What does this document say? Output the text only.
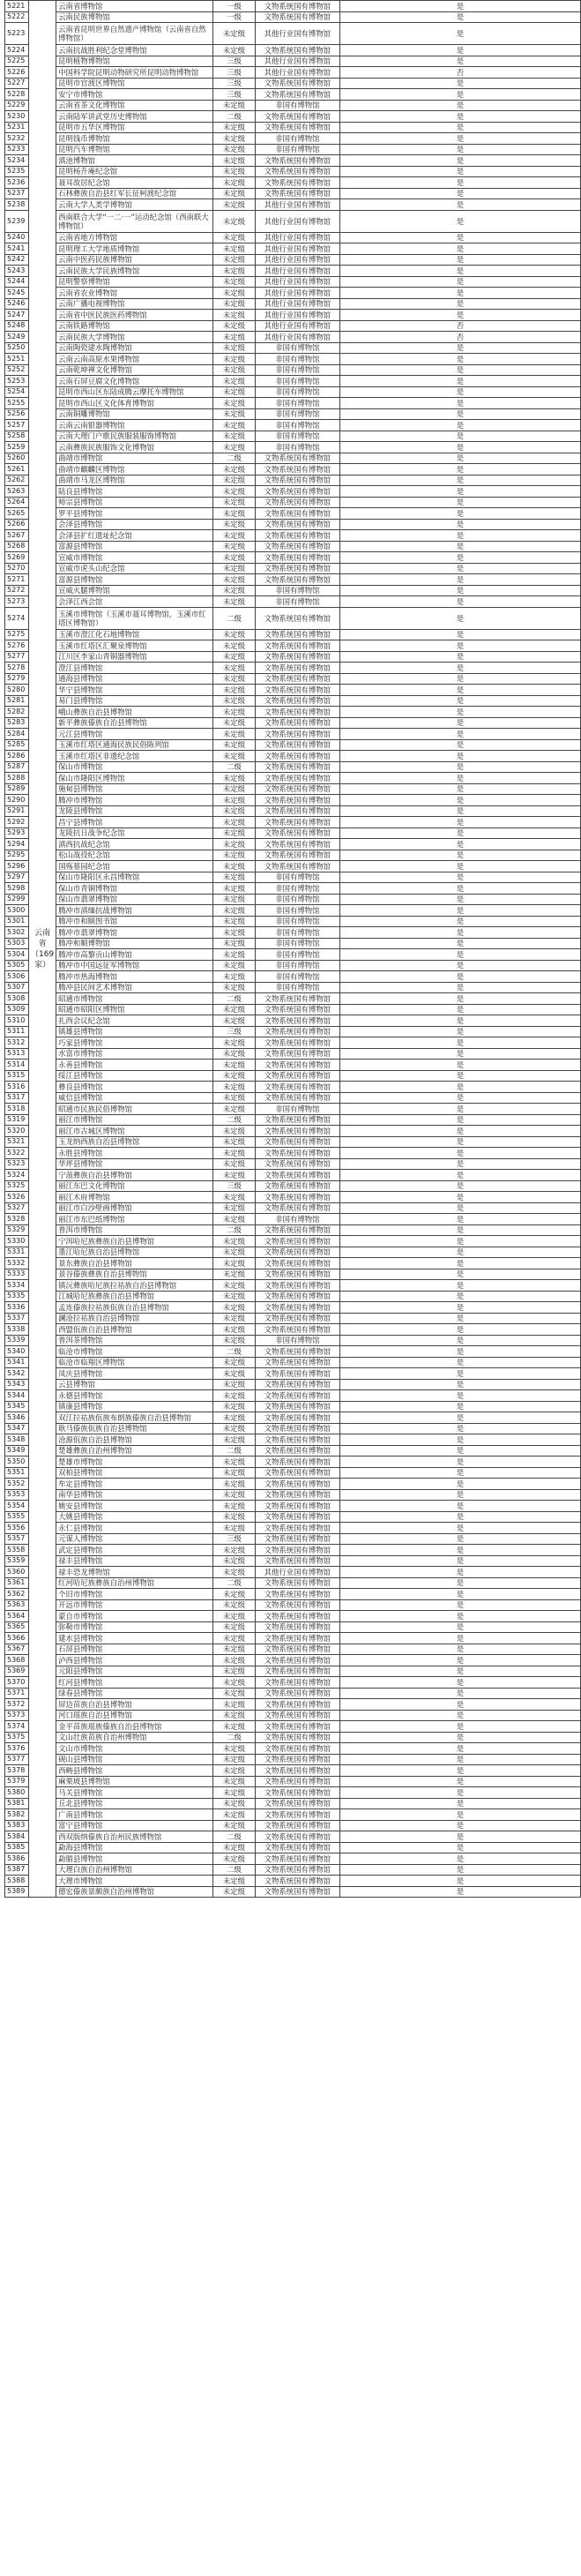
5221	云南省（169家）	云南省博物馆	一级	文物系统国有博物馆	是
5222		云南民族博物馆	一级	文物系统国有博物馆	是
5223		云南省昆明世界自然遗产博物馆（云南省自然博物馆）	未定级	其他行业国有博物馆	是
5224		云南抗战胜利纪念堂博物馆	未定级	文物系统国有博物馆	是
5225		昆明植物博物馆	三级	其他行业国有博物馆	是
5226		中国科学院昆明动物研究所昆明动物博物馆	三级	其他行业国有博物馆	否
5227		昆明市官渡区博物馆	三级	文物系统国有博物馆	是
5228		安宁市博物馆	三级	文物系统国有博物馆	是
5229		云南省茶文化博物馆	未定级	非国有博物馆	是
5230		云南陆军讲武堂历史博物馆	二级	文物系统国有博物馆	是
5231		昆明市五华区博物馆	未定级	文物系统国有博物馆	是
5232		昆明钱币博物馆	未定级	非国有博物馆	是
5233		昆明汽车博物馆	未定级	非国有博物馆	是
5234		滇池博物馆	未定级	文物系统国有博物馆	是
5235		昆明杨升庵纪念馆	未定级	文物系统国有博物馆	是
5236		聂耳故居纪念馆	未定级	文物系统国有博物馆	是
5237		石林彝族自治县红军长征柯渡纪念馆	未定级	文物系统国有博物馆	是
5238		云南大学人类学博物馆	未定级	其他行业国有博物馆	是
5239		西南联合大学“一二·一”运动纪念馆（西南联大博物馆）	未定级	其他行业国有博物馆	是
5240		云南省地方博物馆	未定级	其他行业国有博物馆	是
5241		昆明理工大学地质博物馆	未定级	其他行业国有博物馆	是
5242		云南中医药民族博物馆	未定级	其他行业国有博物馆	是
5243		云南民族大学民族博物馆	未定级	其他行业国有博物馆	是
5244		昆明警察博物馆	未定级	其他行业国有博物馆	是
5245		云南省农业博物馆	未定级	其他行业国有博物馆	是
5246		云南广播电视博物馆	未定级	其他行业国有博物馆	是
5247		云南省中医民族医药博物馆	未定级	其他行业国有博物馆	是
5248		云南铁路博物馆	未定级	其他行业国有博物馆	否
5249		云南民族大学博物馆	未定级	其他行业国有博物馆	否
5250		云南陶瓷建水陶博物馆	未定级	非国有博物馆	是
5251		云南云南高原水果博物馆	未定级	非国有博物馆	是
5252		云南乾坤禅文化博物馆	未定级	非国有博物馆	是
5253		云南石屏豆腐文化博物馆	未定级	非国有博物馆	是
5254		昆明市西山区东陆成腾云摩托车博物馆	未定级	非国有博物馆	是
5255		昆明市西山区文化体育博物馆	未定级	非国有博物馆	是
5256		云南铜雕博物馆	未定级	非国有博物馆	是
5257		云南云南银器博物馆	未定级	非国有博物馆	是
5258		云南大理门户歌民族服装服饰博物馆	未定级	非国有博物馆	是
5259		云南彝族民族服饰文化博物馆	未定级	非国有博物馆	是
5260		曲靖市博物馆	二级	文物系统国有博物馆	是
5261		曲靖市麒麟区博物馆	未定级	文物系统国有博物馆	是
5262		曲靖市马龙区博物馆	未定级	文物系统国有博物馆	是
5263		陆良县博物馆	未定级	文物系统国有博物馆	是
5264		师宗县博物馆	未定级	文物系统国有博物馆	是
5265		罗平县博物馆	未定级	文物系统国有博物馆	是
5266		会泽县博物馆	未定级	文物系统国有博物馆	是
5267		会泽县扩红遗址纪念馆	未定级	文物系统国有博物馆	是
5268		富源县博物馆	未定级	文物系统国有博物馆	是
5269		宣威市博物馆	未定级	文物系统国有博物馆	是
5270		宣威市虎头山纪念馆	未定级	文物系统国有博物馆	是
5271		富源县博物馆	未定级	文物系统国有博物馆	是
5272		宣威火腿博物馆	未定级	非国有博物馆	是
5273		会泽江西会馆	未定级	非国有博物馆	是
5274		玉溪市博物馆（玉溪市聂耳博物馆，玉溪市红塔区博物馆）	二级	文物系统国有博物馆	是
5275		玉溪市澄江化石地博物馆	未定级	文物系统国有博物馆	是
5276		玉溪市红塔区汇聚泉博物馆	未定级	文物系统国有博物馆	是
5277		江川区李家山青铜器博物馆	未定级	文物系统国有博物馆	是
5278		澄江县博物馆	未定级	文物系统国有博物馆	是
5279		通海县博物馆	未定级	文物系统国有博物馆	是
5280		华宁县博物馆	未定级	文物系统国有博物馆	是
5281		易门县博物馆	未定级	文物系统国有博物馆	是
5282		峨山彝族自治县博物馆	未定级	文物系统国有博物馆	是
5283		新平彝族傣族自治县博物馆	未定级	文物系统国有博物馆	是
5284		元江县博物馆	未定级	文物系统国有博物馆	是
5285		玉溪市红塔区通海民族民俗陈列馆	未定级	文物系统国有博物馆	是
5286		玉溪市红塔区非遗纪念馆	未定级	文物系统国有博物馆	是
5287		保山市博物馆	二级	文物系统国有博物馆	是
5288		保山市隆阳区博物馆	未定级	文物系统国有博物馆	是
5289		施甸县博物馆	未定级	文物系统国有博物馆	是
5290		腾冲市博物馆	未定级	文物系统国有博物馆	是
5291		龙陵县博物馆	未定级	文物系统国有博物馆	是
5292		昌宁县博物馆	未定级	文物系统国有博物馆	是
5293		龙陵抗日战争纪念馆	未定级	文物系统国有博物馆	是
5294		滇西抗战纪念馆	未定级	文物系统国有博物馆	是
5295		松山战役纪念馆	未定级	文物系统国有博物馆	是
5296		国殇墓园纪念馆	未定级	文物系统国有博物馆	是
5297		保山市隆阳区永昌博物馆	未定级	非国有博物馆	是
5298		保山市青铜博物馆	未定级	非国有博物馆	是
5299		保山市翡翠博物馆	未定级	非国有博物馆	是
5300		腾冲市滇缅抗战博物馆	未定级	非国有博物馆	是
5301		腾冲市和顺图书馆	未定级	非国有博物馆	是
5302		腾冲市翡翠博物馆	未定级	非国有博物馆	是
5303		腾冲和顺博物馆	未定级	非国有博物馆	是
5304		腾冲市高黎贡山博物馆	未定级	非国有博物馆	是
5305		腾冲市中国远征军博物馆	未定级	非国有博物馆	是
5306		腾冲市热海博物馆	未定级	非国有博物馆	是
5307		腾冲县民间艺术博物馆	未定级	非国有博物馆	是
5308		昭通市博物馆	二级	文物系统国有博物馆	是
5309		昭通市昭阳区博物馆	未定级	文物系统国有博物馆	是
5310		扎西会议纪念馆	未定级	文物系统国有博物馆	是
5311		镇雄县博物馆	三级	文物系统国有博物馆	是
5312		巧家县博物馆	未定级	文物系统国有博物馆	是
5313		水富市博物馆	未定级	文物系统国有博物馆	是
5314		永善县博物馆	未定级	文物系统国有博物馆	是
5315		绥江县博物馆	未定级	文物系统国有博物馆	是
5316		彝良县博物馆	未定级	文物系统国有博物馆	是
5317		威信县博物馆	未定级	文物系统国有博物馆	是
5318		昭通市民族民俗博物馆	未定级	非国有博物馆	是
5319		丽江市博物馆	二级	文物系统国有博物馆	是
5320		丽江市古城区博物馆	未定级	文物系统国有博物馆	是
5321		玉龙纳西族自治县博物馆	未定级	文物系统国有博物馆	是
5322		永胜县博物馆	未定级	文物系统国有博物馆	是
5323		华坪县博物馆	未定级	文物系统国有博物馆	是
5324		宁蒗彝族自治县博物馆	未定级	文物系统国有博物馆	是
5325		丽江东巴文化博物馆	三级	文物系统国有博物馆	是
5326		丽江木府博物馆	未定级	文物系统国有博物馆	是
5327		丽江市白沙壁画博物馆	未定级	文物系统国有博物馆	是
5328		丽江市东巴纸博物馆	未定级	非国有博物馆	是
5329		普洱市博物馆	二级	文物系统国有博物馆	是
5330		宁洱哈尼族彝族自治县博物馆	未定级	文物系统国有博物馆	是
5331		墨江哈尼族自治县博物馆	未定级	文物系统国有博物馆	是
5332		景东彝族自治县博物馆	未定级	文物系统国有博物馆	是
5333		景谷傣族彝族自治县博物馆	未定级	文物系统国有博物馆	是
5334		镇沅彝族哈尼族拉祜族自治县博物馆	未定级	文物系统国有博物馆	是
5335		江城哈尼族彝族自治县博物馆	未定级	文物系统国有博物馆	是
5336		孟连傣族拉祜族佤族自治县博物馆	未定级	文物系统国有博物馆	是
5337		澜沧拉祜族自治县博物馆	未定级	文物系统国有博物馆	是
5338		西盟佤族自治县博物馆	未定级	文物系统国有博物馆	是
5339		普洱茶博物馆	未定级	非国有博物馆	是
5340		临沧市博物馆	二级	文物系统国有博物馆	是
5341		临沧市临翔区博物馆	未定级	文物系统国有博物馆	是
5342		凤庆县博物馆	未定级	文物系统国有博物馆	是
5343		云县博物馆	未定级	文物系统国有博物馆	是
5344		永德县博物馆	未定级	文物系统国有博物馆	是
5345		镇康县博物馆	未定级	文物系统国有博物馆	是
5346		双江拉祜族佤族布朗族傣族自治县博物馆	未定级	文物系统国有博物馆	是
5347		耿马傣族佤族自治县博物馆	未定级	文物系统国有博物馆	是
5348		沧源佤族自治县博物馆	未定级	文物系统国有博物馆	是
5349		楚雄彝族自治州博物馆	二级	文物系统国有博物馆	是
5350		楚雄市博物馆	未定级	文物系统国有博物馆	是
5351		双柏县博物馆	未定级	文物系统国有博物馆	是
5352		牟定县博物馆	未定级	文物系统国有博物馆	是
5353		南华县博物馆	未定级	文物系统国有博物馆	是
5354		姚安县博物馆	未定级	文物系统国有博物馆	是
5355		大姚县博物馆	未定级	文物系统国有博物馆	是
5356		永仁县博物馆	未定级	文物系统国有博物馆	是
5357		元谋人博物馆	三级	文物系统国有博物馆	是
5358		武定县博物馆	未定级	文物系统国有博物馆	是
5359		禄丰县博物馆	未定级	文物系统国有博物馆	是
5360		禄丰恐龙博物馆	未定级	其他行业国有博物馆	是
5361		红河哈尼族彝族自治州博物馆	二级	文物系统国有博物馆	是
5362		个旧市博物馆	未定级	文物系统国有博物馆	是
5363		开远市博物馆	未定级	文物系统国有博物馆	是
5364		蒙自市博物馆	未定级	文物系统国有博物馆	是
5365		弥勒市博物馆	未定级	文物系统国有博物馆	是
5366		建水县博物馆	未定级	文物系统国有博物馆	是
5367		石屏县博物馆	未定级	文物系统国有博物馆	是
5368		泸西县博物馆	未定级	文物系统国有博物馆	是
5369		元阳县博物馆	未定级	文物系统国有博物馆	是
5370		红河县博物馆	未定级	文物系统国有博物馆	是
5371		绿春县博物馆	未定级	文物系统国有博物馆	是
5372		屏边苗族自治县博物馆	未定级	文物系统国有博物馆	是
5373		河口瑶族自治县博物馆	未定级	文物系统国有博物馆	是
5374		金平苗族瑶族傣族自治县博物馆	未定级	文物系统国有博物馆	是
5375		文山壮族苗族自治州博物馆	二级	文物系统国有博物馆	是
5376		文山市博物馆	未定级	文物系统国有博物馆	是
5377		砚山县博物馆	未定级	文物系统国有博物馆	是
5378		西畴县博物馆	未定级	文物系统国有博物馆	是
5379		麻栗坡县博物馆	未定级	文物系统国有博物馆	是
5380		马关县博物馆	未定级	文物系统国有博物馆	是
5381		丘北县博物馆	未定级	文物系统国有博物馆	是
5382		广南县博物馆	未定级	文物系统国有博物馆	是
5383		富宁县博物馆	未定级	文物系统国有博物馆	是
5384		西双版纳傣族自治州民族博物馆	二级	文物系统国有博物馆	是
5385		勐海县博物馆	未定级	文物系统国有博物馆	是
5386		勐腊县博物馆	未定级	文物系统国有博物馆	是
5387		大理白族自治州博物馆	二级	文物系统国有博物馆	是
5388		大理市博物馆	未定级	文物系统国有博物馆	是
5389		德宏傣族景颇族自治州博物馆	未定级	文物系统国有博物馆	是
